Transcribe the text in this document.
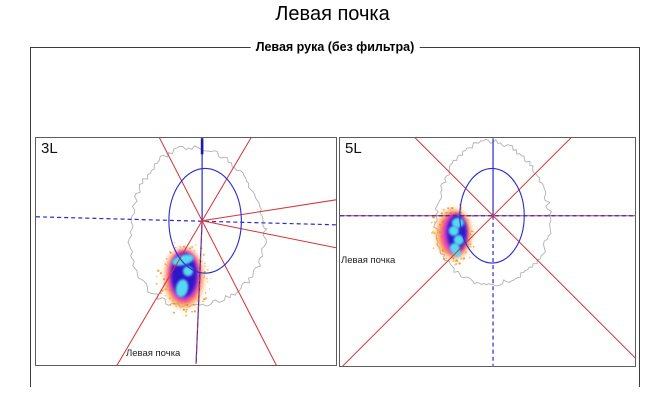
Левая почка
Левая рука (без фильтра)
3L
Левая почка
5L
Левая почка
